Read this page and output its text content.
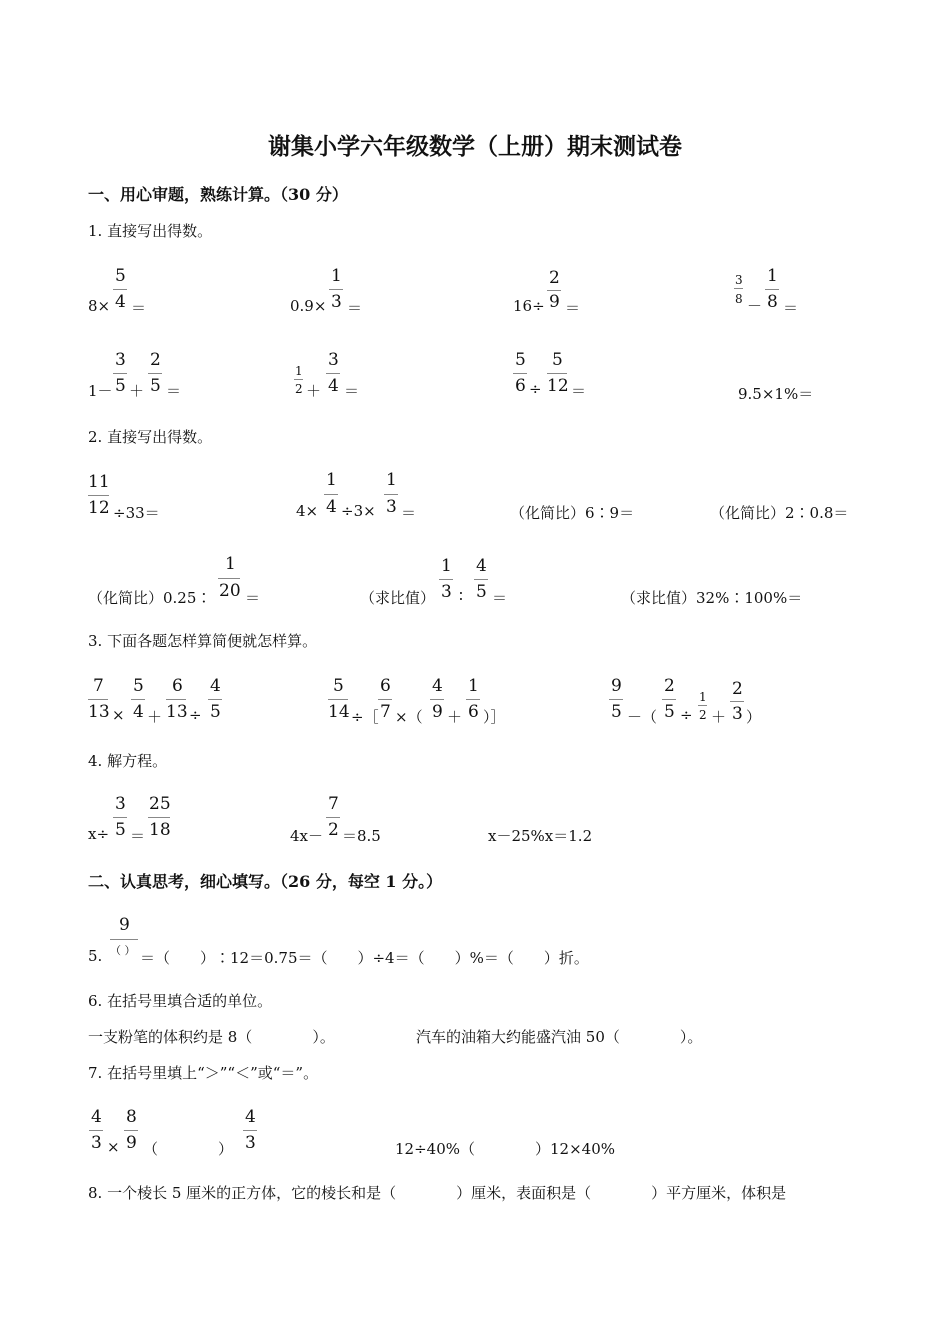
谢集小学六年级数学（上册）期末测试卷
一、用心审题，熟练计算。（30 分）
1. 直接写出得数。
8×
5
4 ＝	0.9×
1
3 ＝	16÷
2
9 ＝
3
8 －
1
8 ＝
1－
3
5 ＋
2
5 ＝
1
2 ＋
3
4 ＝
5
6 ÷
5
12 ＝	9.5×1%＝
2. 直接写出得数。
11
12 ÷33＝	4×
1
4 ÷3×
1
3 ＝	（化简比）6∶9＝	（化简比）2∶0.8＝
（化简比）0.25∶
1
20 ＝	（求比值）
1
3 ∶
4
5 ＝	（求比值）32%∶100%＝
3. 下面各题怎样算简便就怎样算。
7
13 ×
5
4 ＋
6
13 ÷
4
5
5
14 ÷［
6
7 ×（
4
9 ＋
1
6 ）］
9
5 －（
2
5 ÷
1
2 ＋
2
3 ）
4. 解方程。
x÷
3
5 ＝
25
18	4x－
7
2 ＝8.5	x－25%x＝1.2
二、认真思考，细心填写。（26 分，每空 1 分。）
5.
9
（ ） ＝（　　）∶12＝0.75＝（　　）÷4＝（　　）%＝（　　）折。
6. 在括号里填合适的单位。
一支粉笔的体积约是 8（　　　　）。	汽车的油箱大约能盛汽油 50（　　　　）。
7. 在括号里填上“＞”“＜”或“＝”。
4
3 ×
8
9 （　　　　）
4
3	12÷40%（　　　　）12×40%
8. 一个棱长 5 厘米的正方体，它的棱长和是（　　　　）厘米，表面积是（　　　　）平方厘米，体积是
